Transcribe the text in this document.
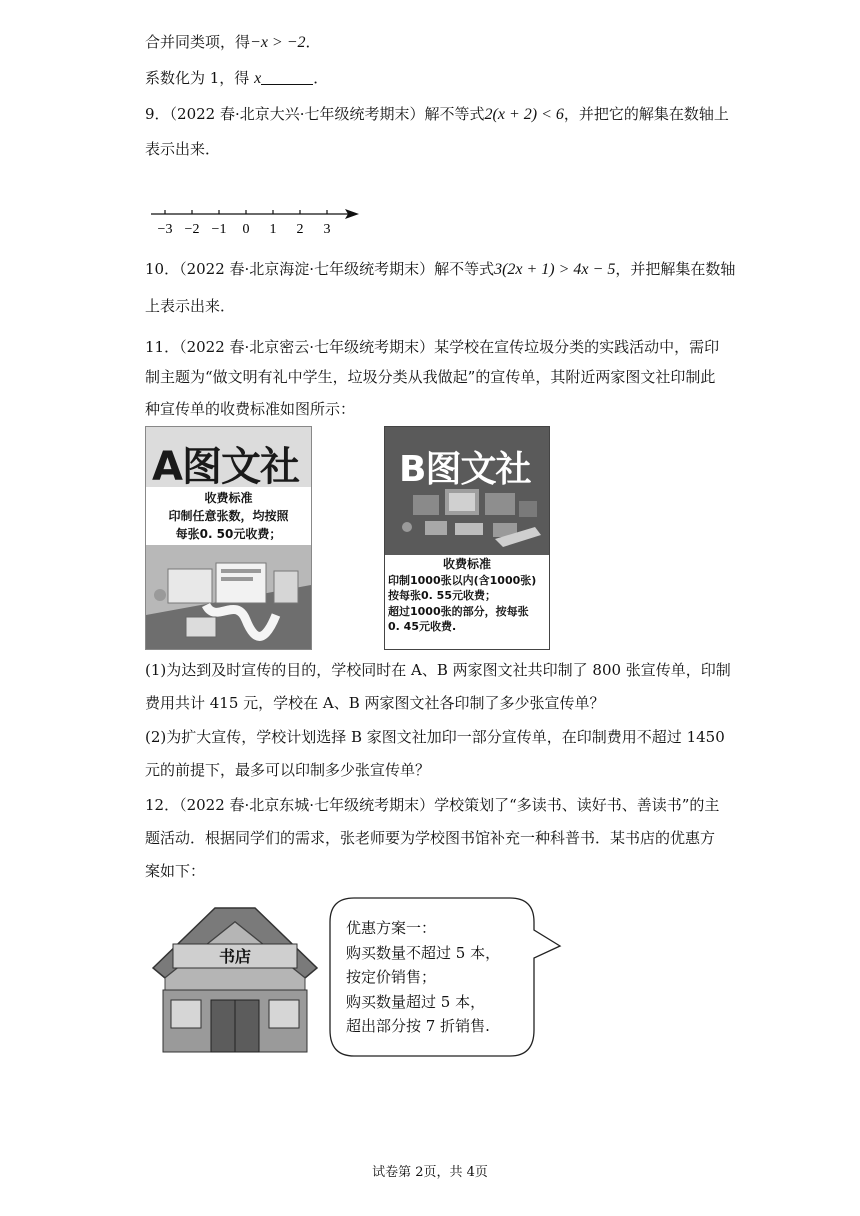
合并同类项，得−x > −2．
系数化为 1，得 x	．
9．（2022 春·北京大兴·七年级统考期末）解不等式2(x + 2) < 6，并把它的解集在数轴上
表示出来．
−3 −2 −1 0 1 2 3
10．（2022 春·北京海淀·七年级统考期末）解不等式3(2x + 1) > 4x − 5，并把解集在数轴
上表示出来．
11．（2022 春·北京密云·七年级统考期末）某学校在宣传垃圾分类的实践活动中，需印
制主题为“做文明有礼中学生，垃圾分类从我做起”的宣传单，其附近两家图文社印制此
种宣传单的收费标准如图所示：
A图文社
收费标准
印制任意张数，均按照
每张0. 50元收费；
B图文社
收费标准
印制1000张以内(含1000张)
按每张0. 55元收费；
超过1000张的部分，按每张
0. 45元收费.
(1)为达到及时宣传的目的，学校同时在 A、B 两家图文社共印制了 800 张宣传单，印制
费用共计 415 元，学校在 A、B 两家图文社各印制了多少张宣传单？
(2)为扩大宣传，学校计划选择 B 家图文社加印一部分宣传单，在印制费用不超过 1450
元的前提下，最多可以印制多少张宣传单？
12．（2022 春·北京东城·七年级统考期末）学校策划了“多读书、读好书、善读书”的主
题活动．根据同学们的需求，张老师要为学校图书馆补充一种科普书．某书店的优惠方
案如下：
书店
优惠方案一：
购买数量不超过 5 本，
按定价销售；
购买数量超过 5 本，
超出部分按 7 折销售.
试卷第 2页，共 4页
